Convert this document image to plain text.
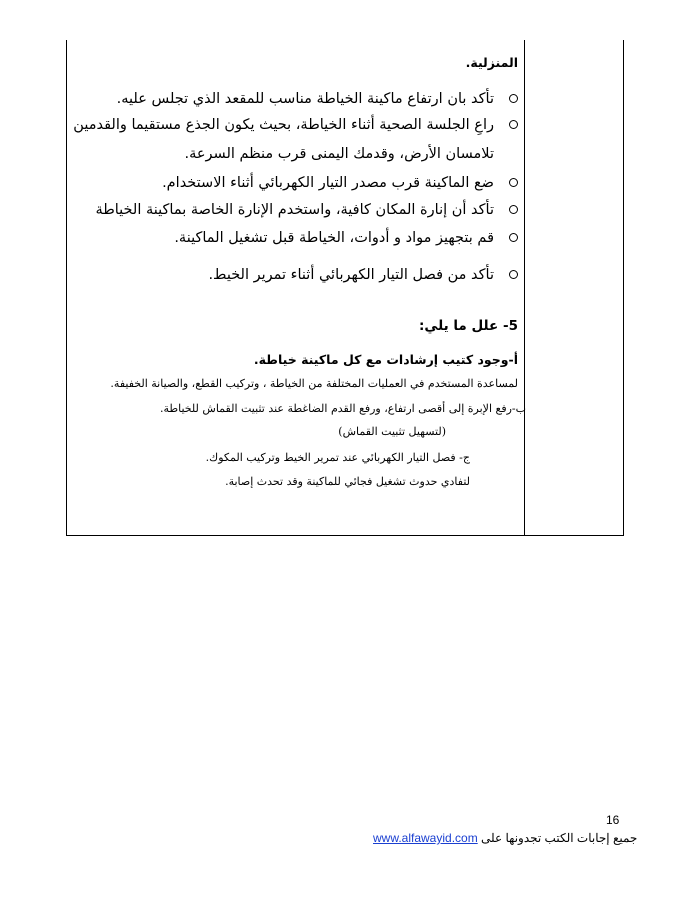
المنزلية.
تأكد بان ارتفاع ماكينة الخياطة مناسب للمقعد الذي تجلس عليه.
راعِ الجلسة الصحية أثناء الخياطة، بحيث يكون الجذع مستقيما والقدمين تلامسان الأرض، وقدمك اليمنى قرب منظم السرعة.
ضع الماكينة قرب مصدر التيار الكهربائي أثناء الاستخدام.
تأكد أن إنارة المكان كافية، واستخدم الإنارة الخاصة بماكينة الخياطة
قم بتجهيز مواد و أدوات، الخياطة قبل تشغيل الماكينة.
تأكد من فصل التيار الكهربائي أثناء تمرير الخيط.
5- علل ما يلي:
أ-وجود كتيب إرشادات مع كل ماكينة خياطة.
لمساعدة المستخدم في العمليات المختلفة من الخياطة ، وتركيب القطع، والصيانة الخفيفة.
ب-رفع الإبرة إلى أقصى ارتفاع، ورفع القدم الضاغطة عند تثبيت القماش للخياطة.
(لتسهيل تثبيت القماش)
ج- فصل التيار الكهربائي عند تمرير الخيط وتركيب المكوك.
لتفادي حدوث تشغيل فجائي للماكينة وقد تحدث إصابة.
16
www.alfawayid.com جميع إجابات الكتب تجدونها على
